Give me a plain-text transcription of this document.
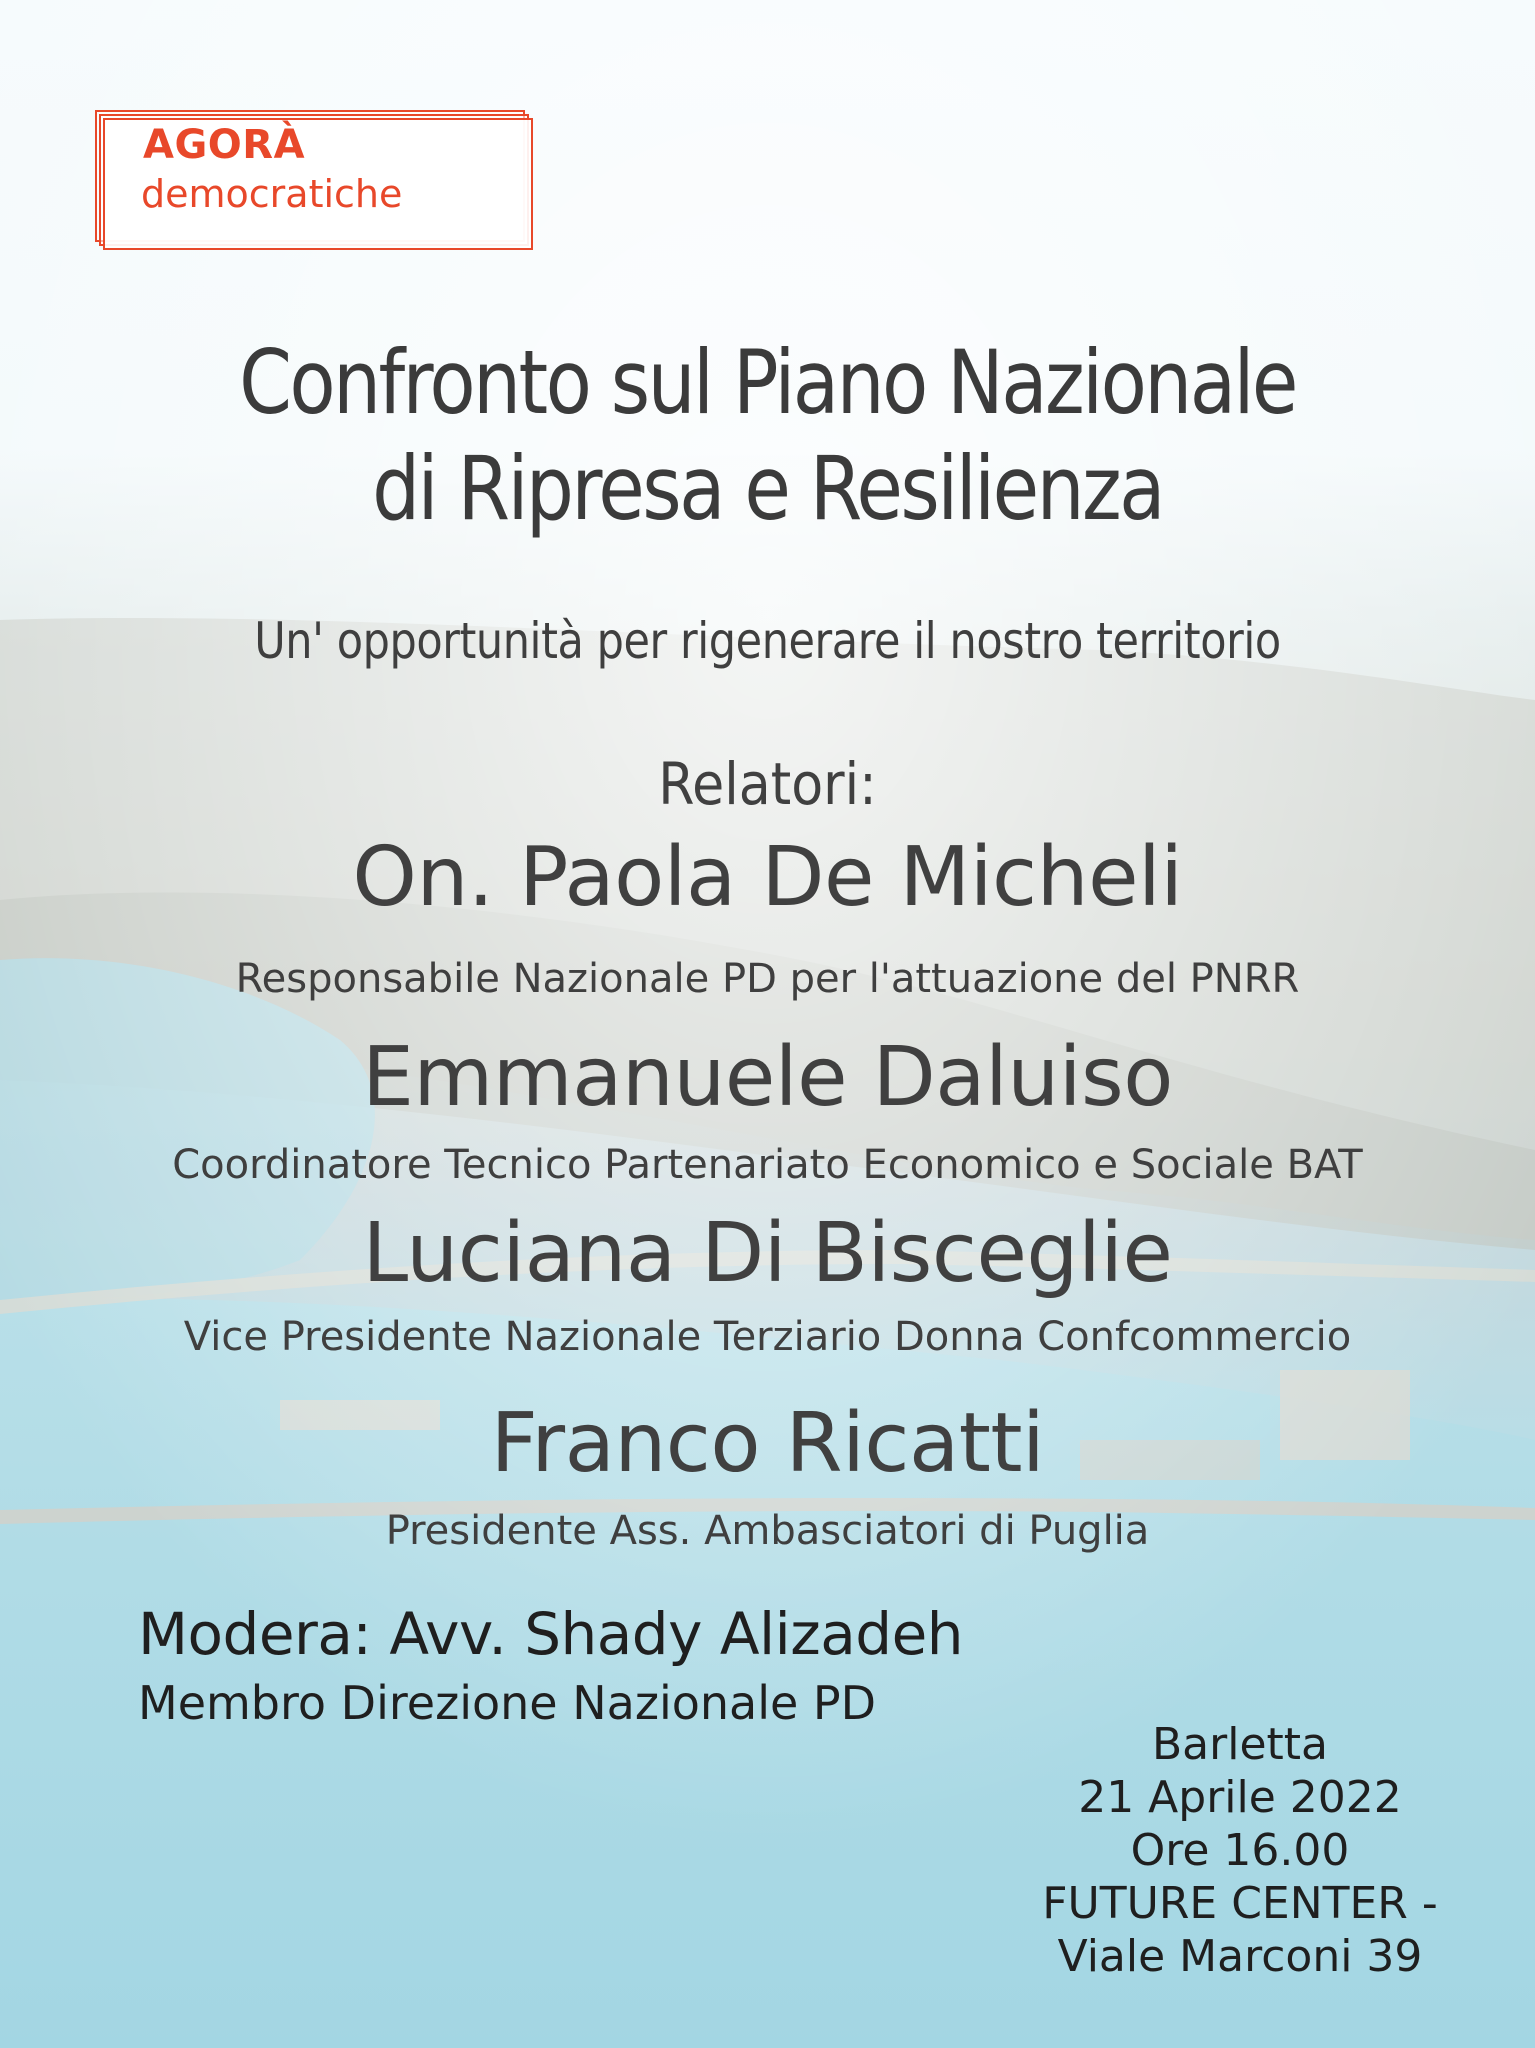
AGORÀ
democratiche
Confronto sul Piano Nazionale
di Ripresa e Resilienza
Un' opportunità per rigenerare il nostro territorio
Relatori:
On. Paola De Micheli
Responsabile Nazionale PD per l'attuazione del PNRR
Emmanuele Daluiso
Coordinatore Tecnico Partenariato Economico e Sociale BAT
Luciana Di Bisceglie
Vice Presidente Nazionale Terziario Donna Confcommercio
Franco Ricatti
Presidente Ass. Ambasciatori di Puglia
Modera: Avv. Shady Alizadeh
Membro Direzione Nazionale PD
Barletta
21 Aprile 2022
Ore 16.00
FUTURE CENTER -
Viale Marconi 39
